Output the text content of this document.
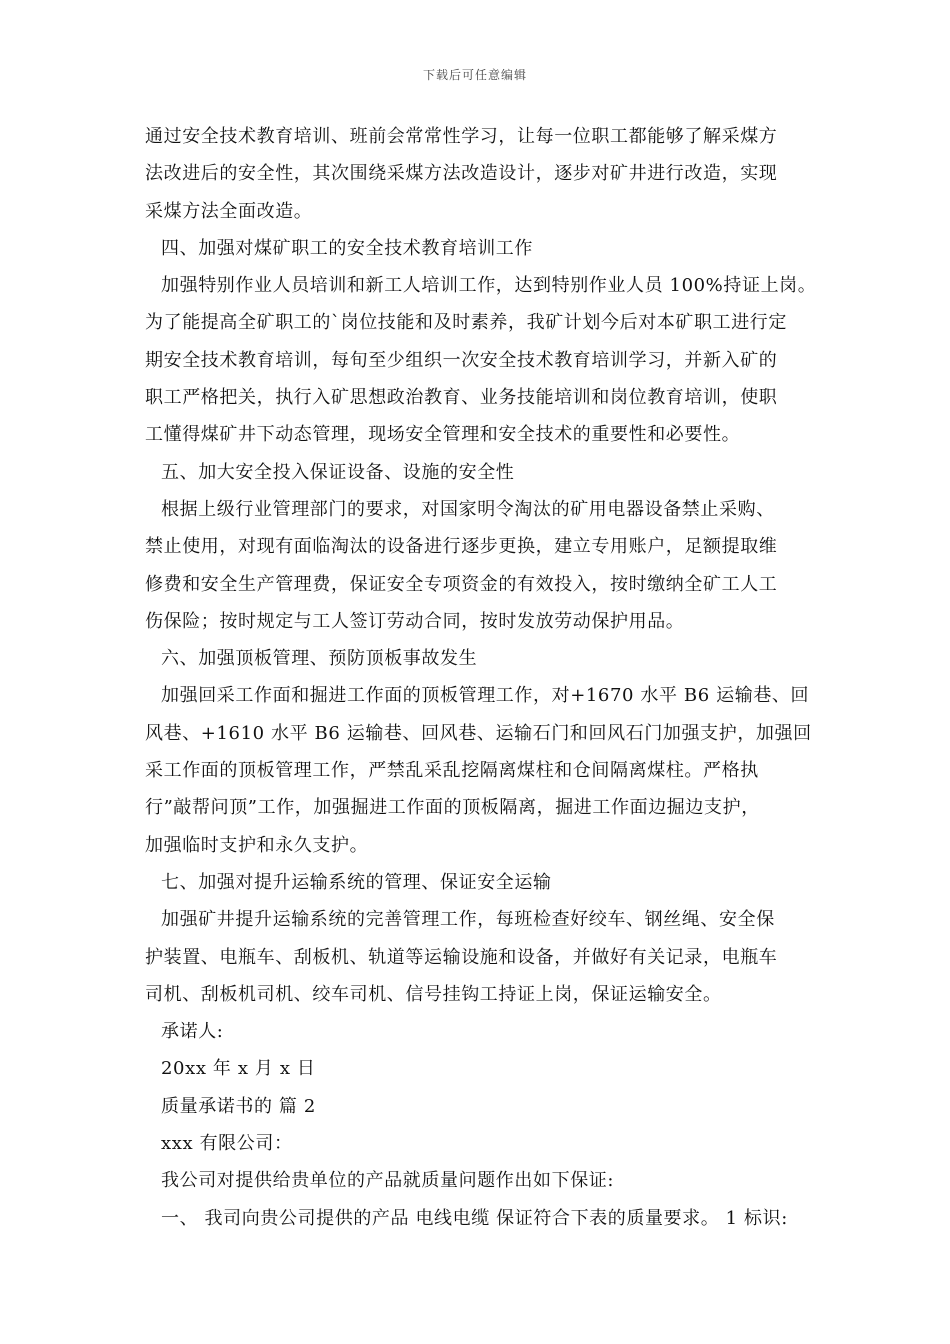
下载后可任意编辑
通过安全技术教育培训、班前会常常性学习，让每一位职工都能够了解采煤方
法改进后的安全性，其次围绕采煤方法改造设计，逐步对矿井进行改造，实现
采煤方法全面改造。
四、加强对煤矿职工的安全技术教育培训工作
加强特别作业人员培训和新工人培训工作，达到特别作业人员 100%持证上岗。
为了能提高全矿职工的`岗位技能和及时素养，我矿计划今后对本矿职工进行定
期安全技术教育培训，每旬至少组织一次安全技术教育培训学习，并新入矿的
职工严格把关，执行入矿思想政治教育、业务技能培训和岗位教育培训，使职
工懂得煤矿井下动态管理，现场安全管理和安全技术的重要性和必要性。
五、加大安全投入保证设备、设施的安全性
根据上级行业管理部门的要求，对国家明令淘汰的矿用电器设备禁止采购、
禁止使用，对现有面临淘汰的设备进行逐步更换，建立专用账户，足额提取维
修费和安全生产管理费，保证安全专项资金的有效投入，按时缴纳全矿工人工
伤保险；按时规定与工人签订劳动合同，按时发放劳动保护用品。
六、加强顶板管理、预防顶板事故发生
加强回采工作面和掘进工作面的顶板管理工作，对+1670 水平 B6 运输巷、回
风巷、+1610 水平 B6 运输巷、回风巷、运输石门和回风石门加强支护，加强回
采工作面的顶板管理工作，严禁乱采乱挖隔离煤柱和仓间隔离煤柱。严格执
行”敲帮问顶”工作，加强掘进工作面的顶板隔离，掘进工作面边掘边支护，
加强临时支护和永久支护。
七、加强对提升运输系统的管理、保证安全运输
加强矿井提升运输系统的完善管理工作，每班检查好绞车、钢丝绳、安全保
护装置、电瓶车、刮板机、轨道等运输设施和设备，并做好有关记录，电瓶车
司机、刮板机司机、绞车司机、信号挂钩工持证上岗，保证运输安全。
承诺人:
20xx 年 x 月 x 日
质量承诺书的 篇 2
xxx 有限公司：
我公司对提供给贵单位的产品就质量问题作出如下保证:
一、 我司向贵公司提供的产品 电线电缆 保证符合下表的质量要求。 1 标识:
